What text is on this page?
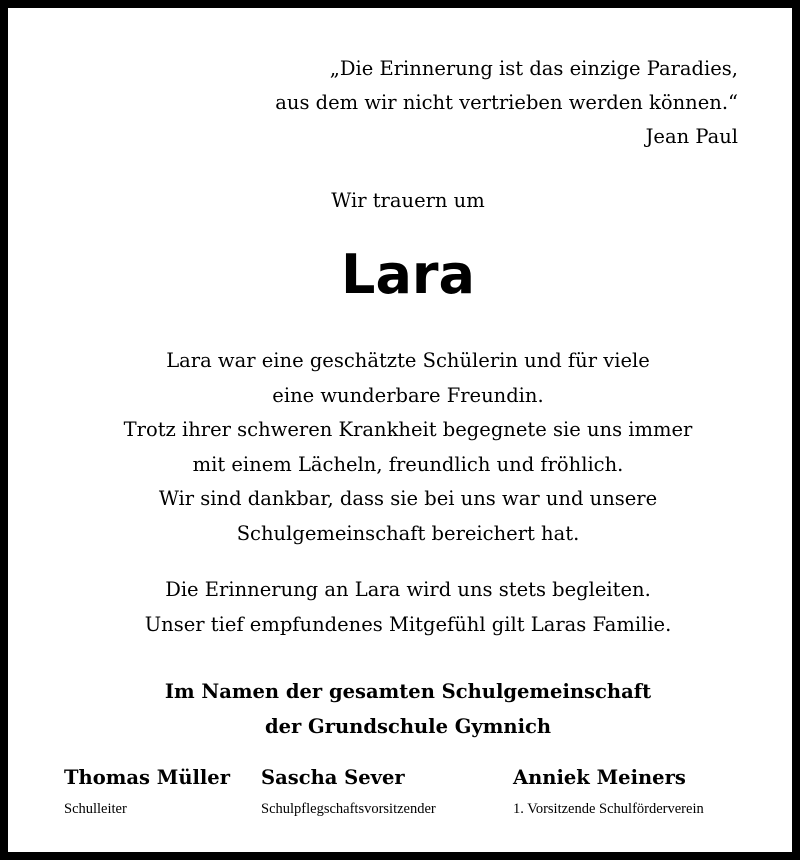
„Die Erinnerung ist das einzige Paradies,
aus dem wir nicht vertrieben werden können.“
Jean Paul
Wir trauern um
Lara
Lara war eine geschätzte Schülerin und für viele
eine wunderbare Freundin.
Trotz ihrer schweren Krankheit begegnete sie uns immer
mit einem Lächeln, freundlich und fröhlich.
Wir sind dankbar, dass sie bei uns war und unsere
Schulgemeinschaft bereichert hat.
Die Erinnerung an Lara wird uns stets begleiten.
Unser tief empfundenes Mitgefühl gilt Laras Familie.
Im Namen der gesamten Schulgemeinschaft
der Grundschule Gymnich
Thomas Müller
Schulleiter
Sascha Sever
Schulpflegschaftsvorsitzender
Anniek Meiners
1. Vorsitzende Schulförderverein
